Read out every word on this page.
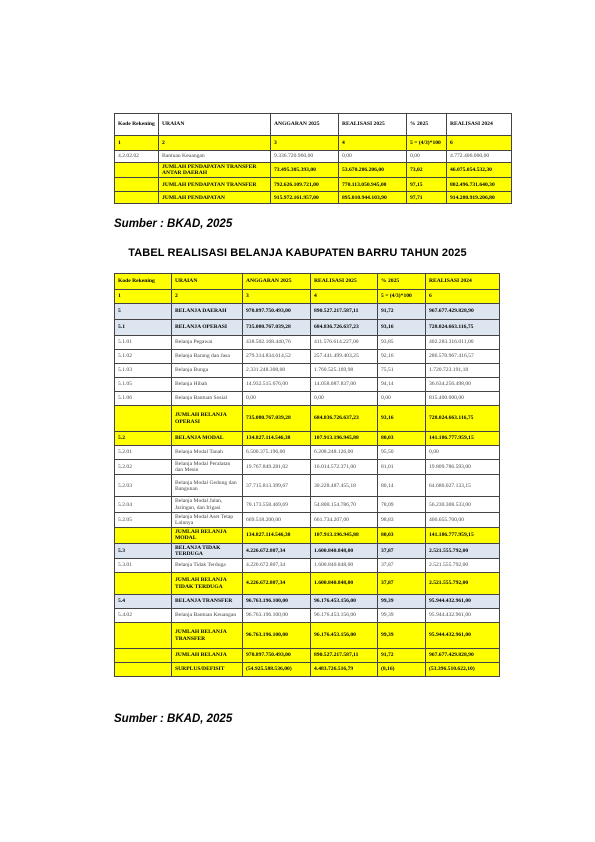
Kode Rekening	URAIAN	ANGGARAN 2025	REALISASI 2025	% 2025	REALISASI 2024
1	2	3	4	5 = (4/3)*100	6
4.2.02.02	Bantuan Keuangan	9.336.720.960,00	0,00	0,00	4.772.406.000,00
	JUMLAH PENDAPATAN TRANSFER ANTAR DAERAH	73.495.305.393,00	53.670.286.206,00	73,02	46.075.054.532,30
	JUMLAH PENDAPATAN TRANSFER	792.626.109.721,00	770.113.050.945,00	97,15	802.496.731.640,30
	JUMLAH PENDAPATAN	915.972.161.957,00	895.010.944.103,90	97,71	914.280.919.206,80
Sumber : BKAD, 2025
TABEL REALISASI BELANJA KABUPATEN BARRU TAHUN 2025
Kode Rekening	URAIAN	ANGGARAN 2025	REALISASI 2025	% 2025	REALISASI 2024
1	2	3	4	5 = (4/3)*100	6
5	BELANJA DAERAH	970.897.750.493,00	890.527.217.587,11	91,72	967.677.429.828,90
5.1	BELANJA OPERASI	735.080.767.039,28	684.836.726.637,23	93,16	728.024.663.116,75
5.1.01	Belanja Pegawai	438.502.168.440,76	411.576.614.227,00	93,85	402.283.316.011,00
5.1.02	Belanja Barang dan Jasa	279.314.834.614,52	257.441.499.403,25	92,16	286.570.967.416,57
5.1.03	Belanja Bunga	2.331.248.308,00	1.760.525.169,98	75,51	1.720.723.191,18
5.1.05	Belanja Hibah	14.932.515.676,00	14.058.087.837,00	94,14	36.634.256.498,00
5.1.06	Belanja Bantuan Sosial	0,00	0,00	0,00	815.400.000,00
	JUMLAH BELANJA OPERASI	735.080.767.039,28	684.836.726.637,23	93,16	728.024.663.116,75
5.2	BELANJA MODAL	134.827.114.546,38	107.913.196.945,88	80,03	141.186.777.959,15
5.2.01	Belanja Modal Tanah	6.500.375.196,00	6.208.248.126,00	95,50	0,00
5.2.02	Belanja Modal Peralatan dan Mesin	19.767.849.281,02	16.014.572.371,00	81,01	19.809.786.593,00
5.2.03	Belanja Modal Gedung dan Bangunan	37.715.813.399,67	30.228.487.455,18	80,14	64.680.027.133,15
5.2.04	Belanja Modal Jalan, Jaringan, dan Irigasi	70.173.558.469,69	54.800.154.786,70	78,09	56.230.308.533,00
5.2.05	Belanja Modal Aset Tetap Lainnya	669.518.200,00	661.734.207,00	98,83	406.655.700,00
	JUMLAH BELANJA MODAL	134.827.114.546,38	107.913.196.945,88	80,03	141.186.777.959,15
5.3	BELANJA TIDAK TERDUGA	4.226.672.807,34	1.600.840.848,00	37,87	2.521.555.792,00
5.3.01	Belanja Tidak Terduga	4.226.672.807,34	1.600.840.848,00	37,87	2.521.555.792,00
	JUMLAH BELANJA TIDAK TERDUGA	4.226.672.807,34	1.600.840.848,00	37,87	2.521.555.792,00
5.4	BELANJA TRANSFER	96.763.196.100,00	96.176.453.156,00	99,39	95.944.432.961,00
5.4.02	Belanja Bantuan Keuangan	96.763.196.100,00	96.176.453.156,00	99,39	95.944.432.961,00
	JUMLAH BELANJA TRANSFER	96.763.196.100,00	96.176.453.156,00	99,39	95.944.432.961,00
	JUMLAH BELANJA	970.897.750.493,00	890.527.217.587,11	91,72	967.677.429.828,90
	SURPLUS/DEFISIT	(54.925.588.536,00)	4.483.726.516,79	(8,16)	(53.396.510.622,10)
Sumber : BKAD, 2025
